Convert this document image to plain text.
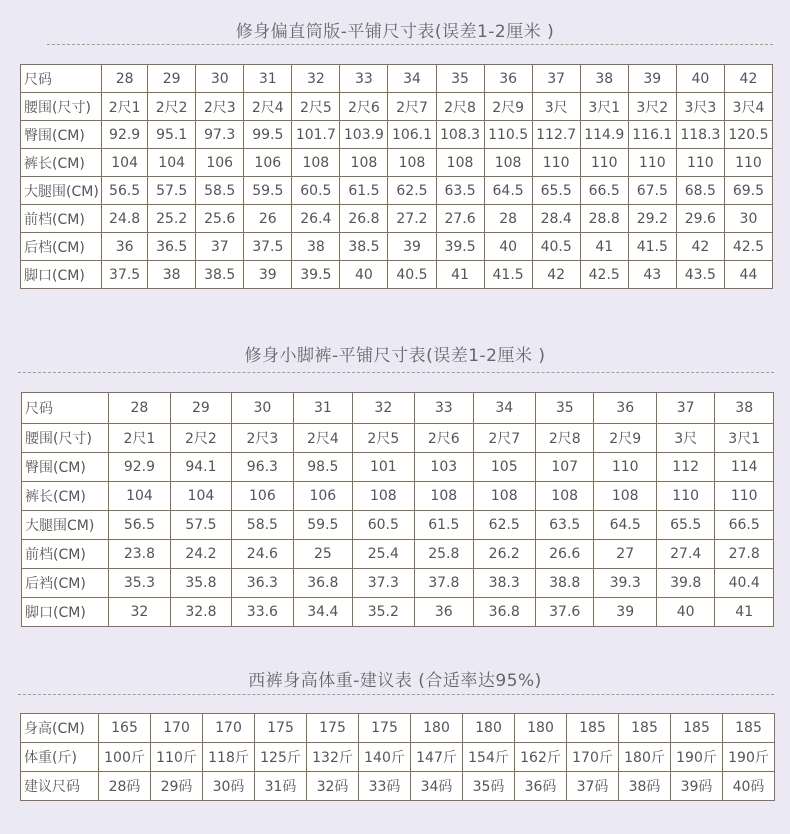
修身偏直筒版-平铺尺寸表(误差1-2厘米 )
尺码	28	29	30	31	32	33	34	35	36	37	38	39	40	42
腰围(尺寸)	2尺1	2尺2	2尺3	2尺4	2尺5	2尺6	2尺7	2尺8	2尺9	3尺	3尺1	3尺2	3尺3	3尺4
臀围(CM)	92.9	95.1	97.3	99.5	101.7	103.9	106.1	108.3	110.5	112.7	114.9	116.1	118.3	120.5
裤长(CM)	104	104	106	106	108	108	108	108	108	110	110	110	110	110
大腿围(CM)	56.5	57.5	58.5	59.5	60.5	61.5	62.5	63.5	64.5	65.5	66.5	67.5	68.5	69.5
前档(CM)	24.8	25.2	25.6	26	26.4	26.8	27.2	27.6	28	28.4	28.8	29.2	29.6	30
后档(CM)	36	36.5	37	37.5	38	38.5	39	39.5	40	40.5	41	41.5	42	42.5
脚口(CM)	37.5	38	38.5	39	39.5	40	40.5	41	41.5	42	42.5	43	43.5	44
修身小脚裤-平铺尺寸表(误差1-2厘米 )
尺码	28	29	30	31	32	33	34	35	36	37	38
腰围(尺寸)	2尺1	2尺2	2尺3	2尺4	2尺5	2尺6	2尺7	2尺8	2尺9	3尺	3尺1
臀围(CM)	92.9	94.1	96.3	98.5	101	103	105	107	110	112	114
裤长(CM)	104	104	106	106	108	108	108	108	108	110	110
大腿围CM)	56.5	57.5	58.5	59.5	60.5	61.5	62.5	63.5	64.5	65.5	66.5
前档(CM)	23.8	24.2	24.6	25	25.4	25.8	26.2	26.6	27	27.4	27.8
后裆(CM)	35.3	35.8	36.3	36.8	37.3	37.8	38.3	38.8	39.3	39.8	40.4
脚口(CM)	32	32.8	33.6	34.4	35.2	36	36.8	37.6	39	40	41
西裤身高体重-建议表 (合适率达95%)
身高(CM)	165	170	170	175	175	175	180	180	180	185	185	185	185
体重(斤)	100斤	110斤	118斤	125斤	132斤	140斤	147斤	154斤	162斤	170斤	180斤	190斤	190斤
建议尺码	28码	29码	30码	31码	32码	33码	34码	35码	36码	37码	38码	39码	40码
